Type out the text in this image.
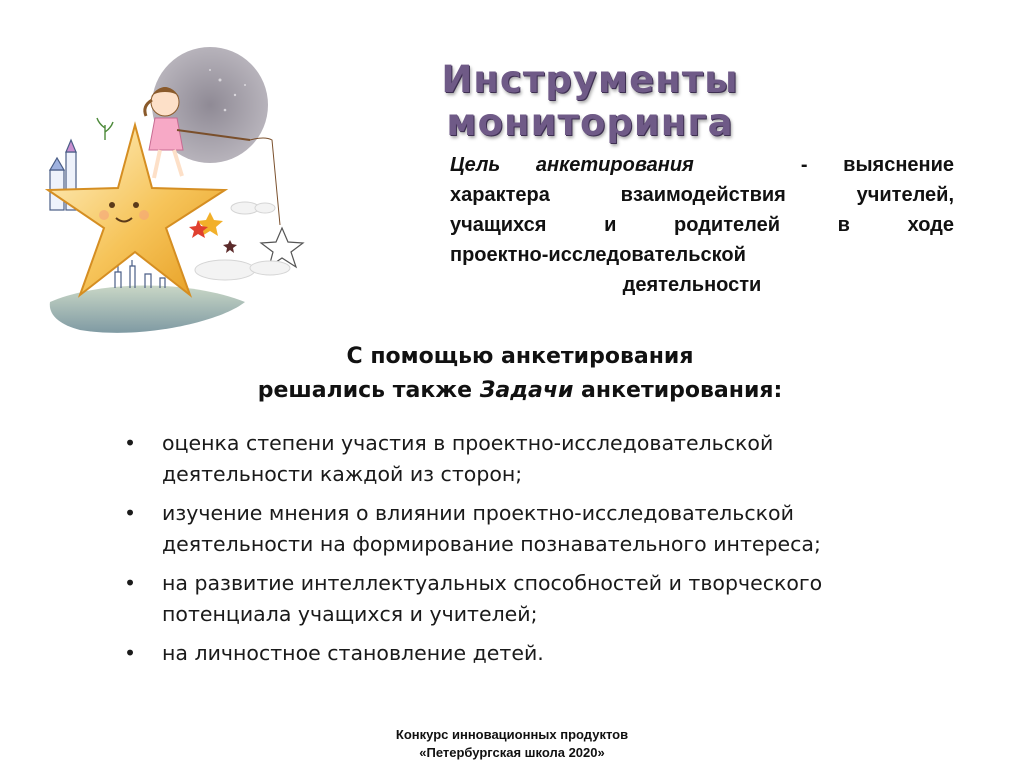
Инструменты мониторинга
Цель анкетирования	- выяснение
характера взаимодействия учителей,
учащихся и родителей в ходе
проектно-исследовательской
деятельности
С помощью анкетирования
решались также Задачи анкетирования:
• оценка степени участия в проектно-исследовательской деятельности каждой из сторон;
• изучение мнения о влиянии проектно-исследовательской деятельности на формирование познавательного интереса;
• на развитие интеллектуальных способностей и творческого потенциала учащихся и учителей;
• на личностное становление детей.
Конкурс инновационных продуктов
«Петербургская школа 2020»
